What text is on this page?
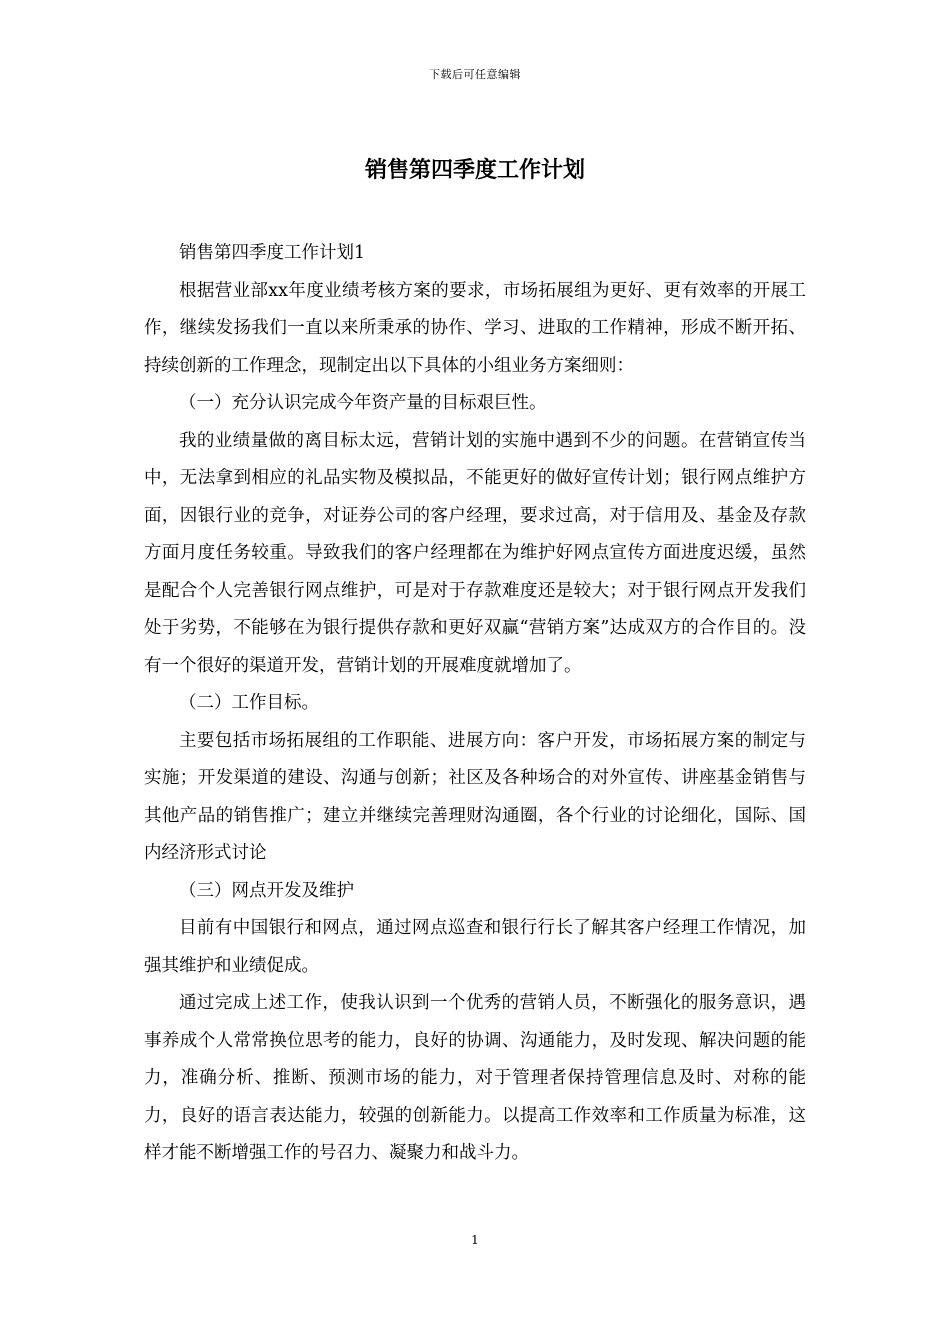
下载后可任意编辑
销售第四季度工作计划

销售第四季度工作计划1

根据营业部xx年度业绩考核方案的要求，市场拓展组为更好、更有效率的开展工作，继续发扬我们一直以来所秉承的协作、学习、进取的工作精神，形成不断开拓、持续创新的工作理念，现制定出以下具体的小组业务方案细则：

（一）充分认识完成今年资产量的目标艰巨性。

我的业绩量做的离目标太远，营销计划的实施中遇到不少的问题。在营销宣传当中，无法拿到相应的礼品实物及模拟品，不能更好的做好宣传计划；银行网点维护方面，因银行业的竞争，对证券公司的客户经理，要求过高，对于信用及、基金及存款方面月度任务较重。导致我们的客户经理都在为维护好网点宣传方面进度迟缓，虽然是配合个人完善银行网点维护，可是对于存款难度还是较大；对于银行网点开发我们处于劣势，不能够在为银行提供存款和更好双赢“营销方案”达成双方的合作目的。没有一个很好的渠道开发，营销计划的开展难度就增加了。

（二）工作目标。

主要包括市场拓展组的工作职能、进展方向：客户开发，市场拓展方案的制定与实施；开发渠道的建设、沟通与创新；社区及各种场合的对外宣传、讲座基金销售与其他产品的销售推广；建立并继续完善理财沟通圈，各个行业的讨论细化，国际、国内经济形式讨论

（三）网点开发及维护

目前有中国银行和网点，通过网点巡查和银行行长了解其客户经理工作情况，加强其维护和业绩促成。

通过完成上述工作，使我认识到一个优秀的营销人员，不断强化的服务意识，遇事养成个人常常换位思考的能力，良好的协调、沟通能力，及时发现、解决问题的能力，准确分析、推断、预测市场的能力，对于管理者保持管理信息及时、对称的能力，良好的语言表达能力，较强的创新能力。以提高工作效率和工作质量为标准，这样才能不断增强工作的号召力、凝聚力和战斗力。

1
